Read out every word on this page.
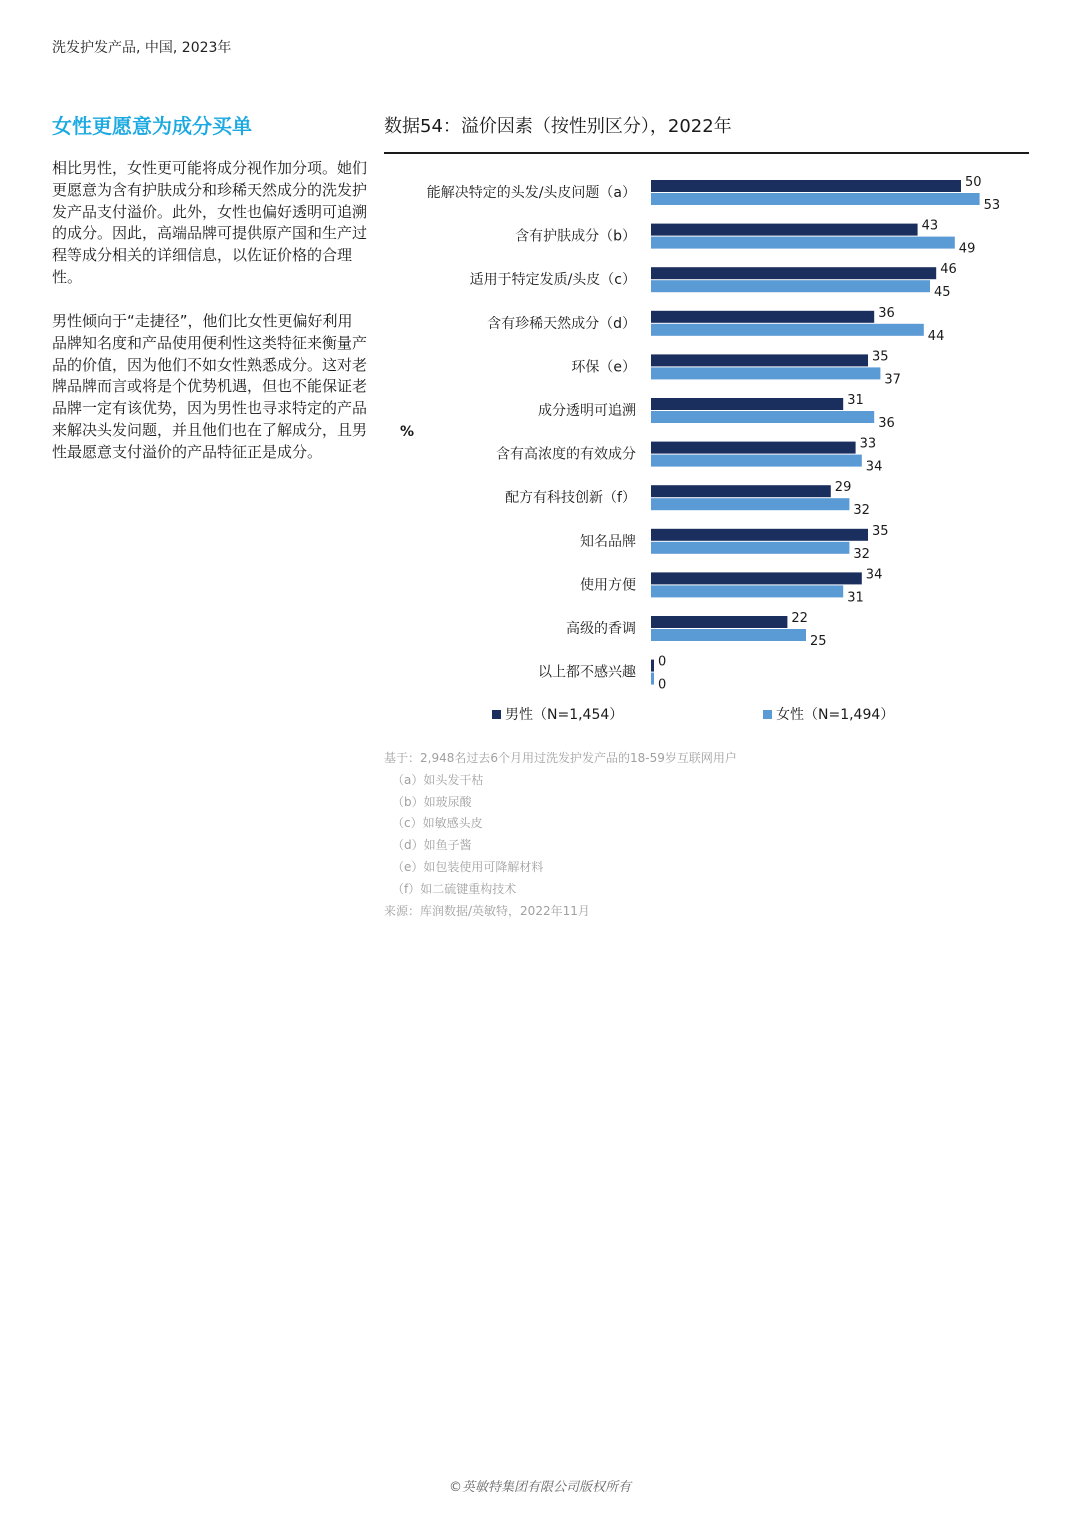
洗发护发产品, 中国, 2023年
女性更愿意为成分买单
相比男性，女性更可能将成分视作加分项。她们更愿意为含有护肤成分和珍稀天然成分的洗发护发产品支付溢价。此外，女性也偏好透明可追溯的成分。因此，高端品牌可提供原产国和生产过程等成分相关的详细信息，以佐证价格的合理性。
男性倾向于“走捷径”，他们比女性更偏好利用品牌知名度和产品使用便利性这类特征来衡量产品的价值，因为他们不如女性熟悉成分。这对老牌品牌而言或将是个优势机遇，但也不能保证老品牌一定有该优势，因为男性也寻求特定的产品来解决头发问题，并且他们也在了解成分，且男性最愿意支付溢价的产品特征正是成分。
数据54：溢价因素（按性别区分），2022年
能解决特定的头发/头皮问题（a）
50
53
含有护肤成分（b）
43
49
适用于特定发质/头皮（c）
46
45
含有珍稀天然成分（d）
36
44
环保（e）
35
37
成分透明可追溯
31
36
含有高浓度的有效成分
33
34
配方有科技创新（f）
29
32
知名品牌
35
32
使用方便
34
31
高级的香调
22
25
以上都不感兴趣
0
0
%
男性（N=1,454）	女性（N=1,494）
基于：2,948名过去6个月用过洗发护发产品的18-59岁互联网用户
（a）如头发干枯
（b）如玻尿酸
（c）如敏感头皮
（d）如鱼子酱
（e）如包装使用可降解材料
（f）如二硫键重构技术
来源：库润数据/英敏特，2022年11月
©英敏特集团有限公司版权所有
